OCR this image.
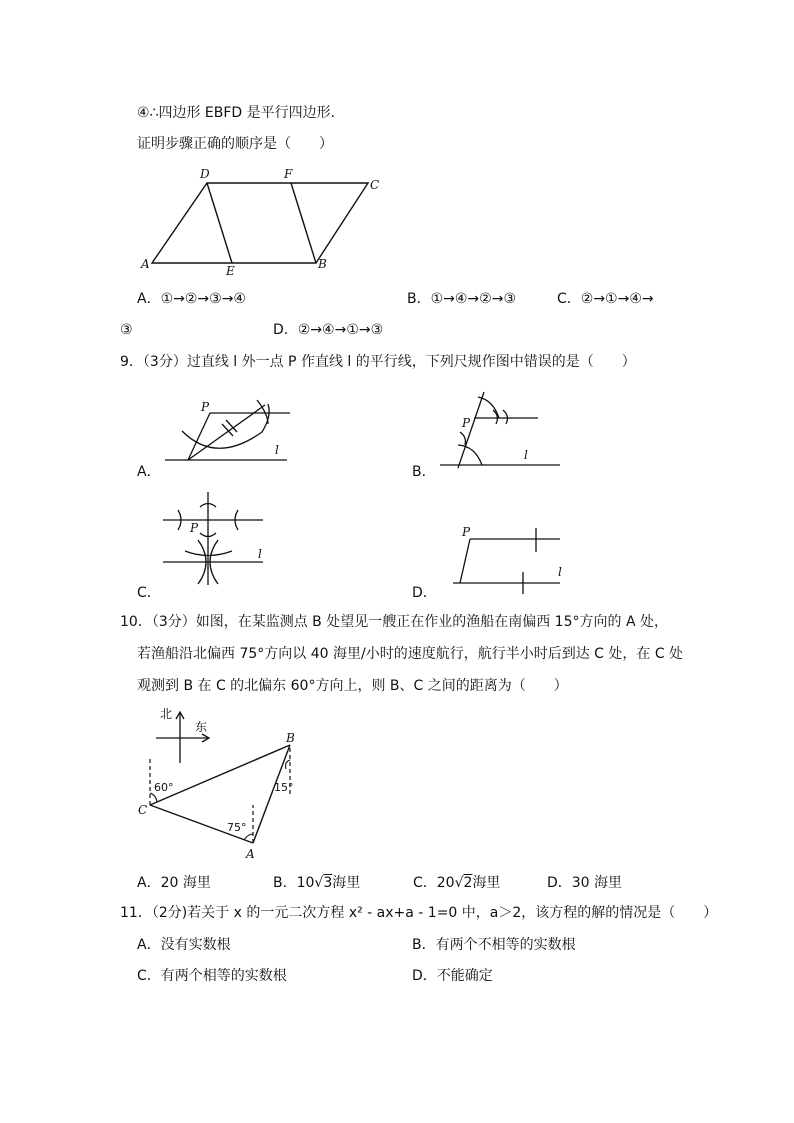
④∴四边形 EBFD 是平行四边形．
证明步骤正确的顺序是（　　）
D	F
C
A	E	B
A．①→②→③→④	B．①→④→②→③	C．②→①→④→
③	D．②→④→①→③
9．（3分）过直线 l 外一点 P 作直线 l 的平行线，下列尺规作图中错误的是（　　）
P
l
P
l
P
l
P
l
A．	B．
C．	D．
10．（3分）如图，在某监测点 B 处望见一艘正在作业的渔船在南偏西 15°方向的 A 处，
若渔船沿北偏西 75°方向以 40 海里/小时的速度航行，航行半小时后到达 C 处，在 C 处
观测到 B 在 C 的北偏东 60°方向上，则 B、C 之间的距离为（　　）
北
东
B
C
A
60°	15°
75°
A．20 海里	B．10√3海里	C．20√2海里	D．30 海里
11．（2分)若关于 x 的一元二次方程 x² - ax+a - 1=0 中，a＞2，该方程的解的情况是（　　）
A．没有实数根	B．有两个不相等的实数根
C．有两个相等的实数根	D．不能确定
